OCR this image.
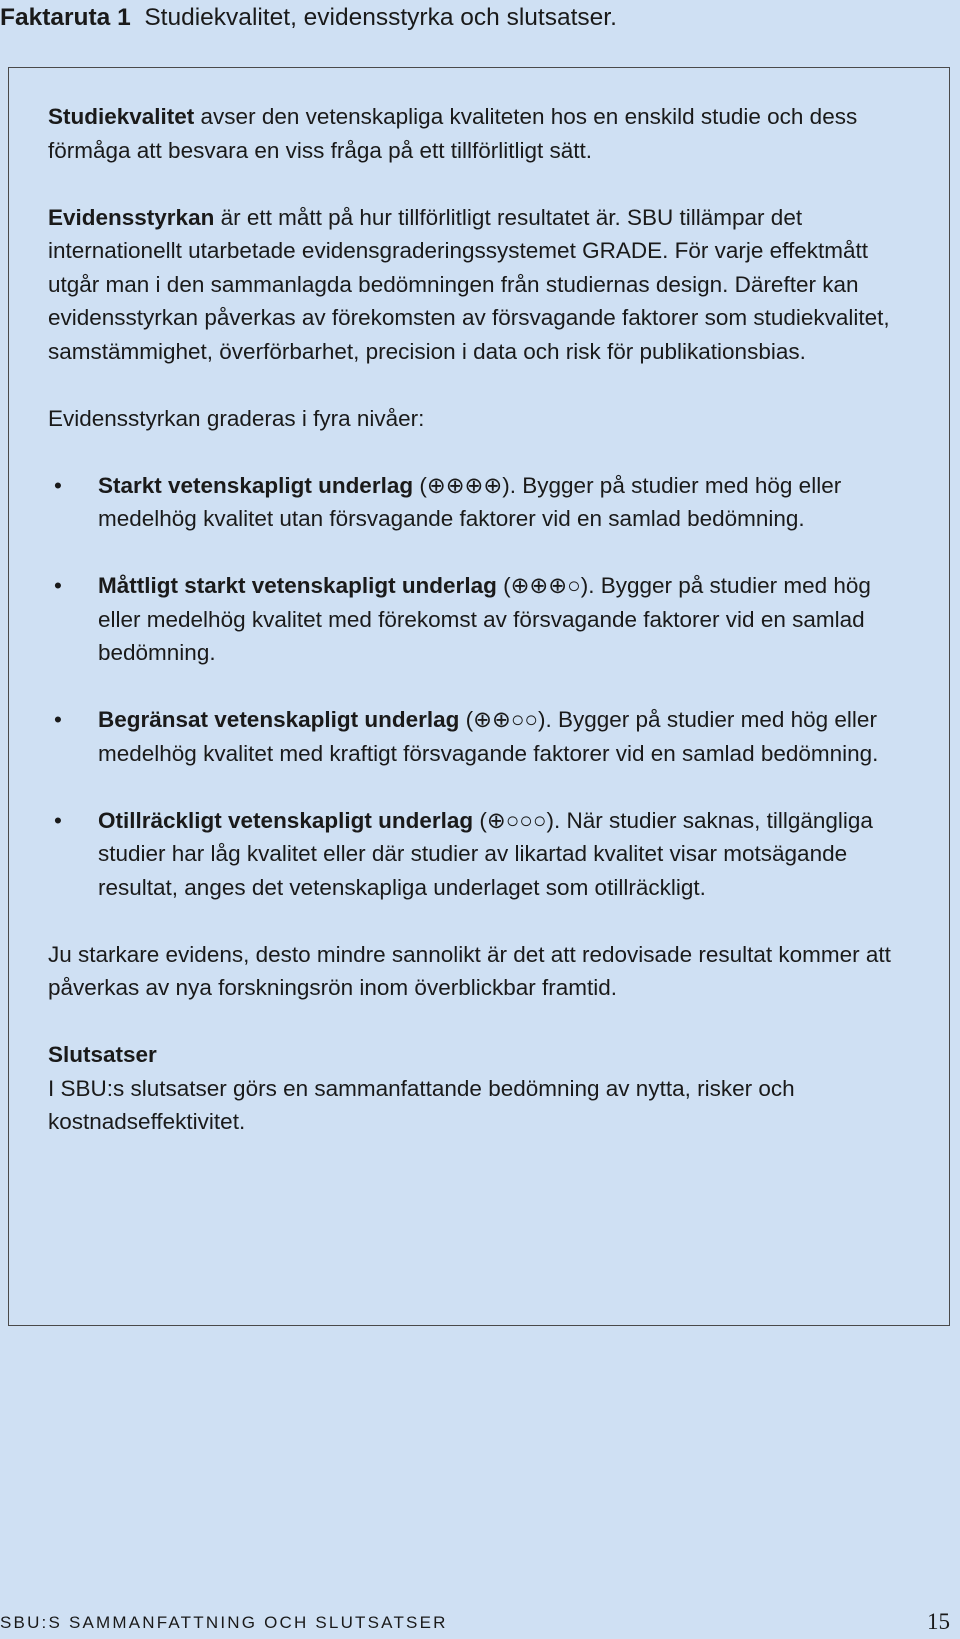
Faktaruta 1 Studiekvalitet, evidensstyrka och slutsatser.

Studiekvalitet avser den vetenskapliga kvaliteten hos en enskild studie och dess förmåga att besvara en viss fråga på ett tillförlitligt sätt.

Evidensstyrkan är ett mått på hur tillförlitligt resultatet är. SBU tillämpar det internationellt utarbetade evidensgraderingssystemet GRADE. För varje effektmått utgår man i den sammanlagda bedömningen från studiernas design. Därefter kan evidensstyrkan påverkas av förekomsten av försvagande faktorer som studiekvalitet, samstämmighet, överförbarhet, precision i data och risk för publikationsbias.

Evidensstyrkan graderas i fyra nivåer:

• Starkt vetenskapligt underlag (⊕⊕⊕⊕). Bygger på studier med hög eller medelhög kvalitet utan försvagande faktorer vid en samlad bedömning.

• Måttligt starkt vetenskapligt underlag (⊕⊕⊕○). Bygger på studier med hög eller medelhög kvalitet med förekomst av försvagande faktorer vid en samlad bedömning.

• Begränsat vetenskapligt underlag (⊕⊕○○). Bygger på studier med hög eller medelhög kvalitet med kraftigt försvagande faktorer vid en samlad bedömning.

• Otillräckligt vetenskapligt underlag (⊕○○○). När studier saknas, tillgängliga studier har låg kvalitet eller där studier av likartad kvalitet visar motsägande resultat, anges det vetenskapliga underlaget som otillräckligt.

Ju starkare evidens, desto mindre sannolikt är det att redovisade resultat kommer att påverkas av nya forskningsrön inom överblickbar framtid.

Slutsatser
I SBU:s slutsatser görs en sammanfattande bedömning av nytta, risker och kostnadseffektivitet.

SBU:S SAMMANFATTNING OCH SLUTSATSER	15
